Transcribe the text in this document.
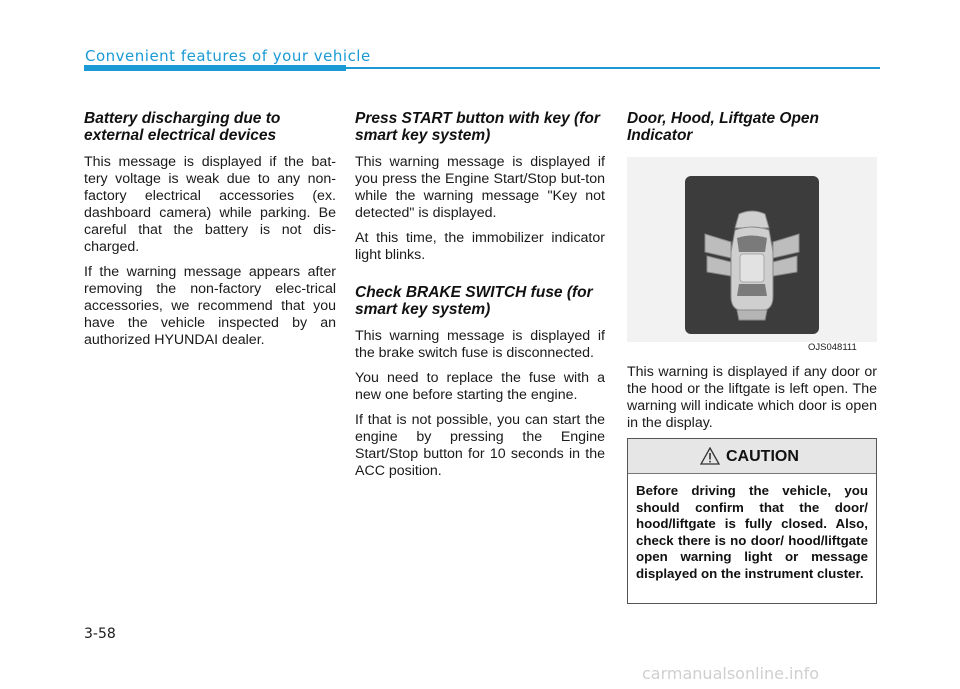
Convenient features of your vehicle
Battery discharging due to external electrical devices

This message is displayed if the bat-tery voltage is weak due to any non-factory electrical accessories (ex. dashboard camera) while parking. Be careful that the battery is not dis-charged.

If the warning message appears after removing the non-factory elec-trical accessories, we recommend that you have the vehicle inspected by an authorized HYUNDAI dealer.

Press START button with key (for smart key system)

This warning message is displayed if you press the Engine Start/Stop but-ton while the warning message "Key not detected" is displayed.

At this time, the immobilizer indicator light blinks.

Check BRAKE SWITCH fuse (for smart key system)

This warning message is displayed if the brake switch fuse is disconnected.

You need to replace the fuse with a new one before starting the engine.

If that is not possible, you can start the engine by pressing the Engine Start/Stop button for 10 seconds in the ACC position.

Door, Hood, Liftgate Open Indicator

This warning is displayed if any door or the hood or the liftgate is left open. The warning will indicate which door is open in the display.

OJS048111
CAUTION
Before driving the vehicle, you should confirm that the door/ hood/liftgate is fully closed. Also, check there is no door/ hood/liftgate open warning light or message displayed on the instrument cluster.
3-58
carmanualsonline.info
